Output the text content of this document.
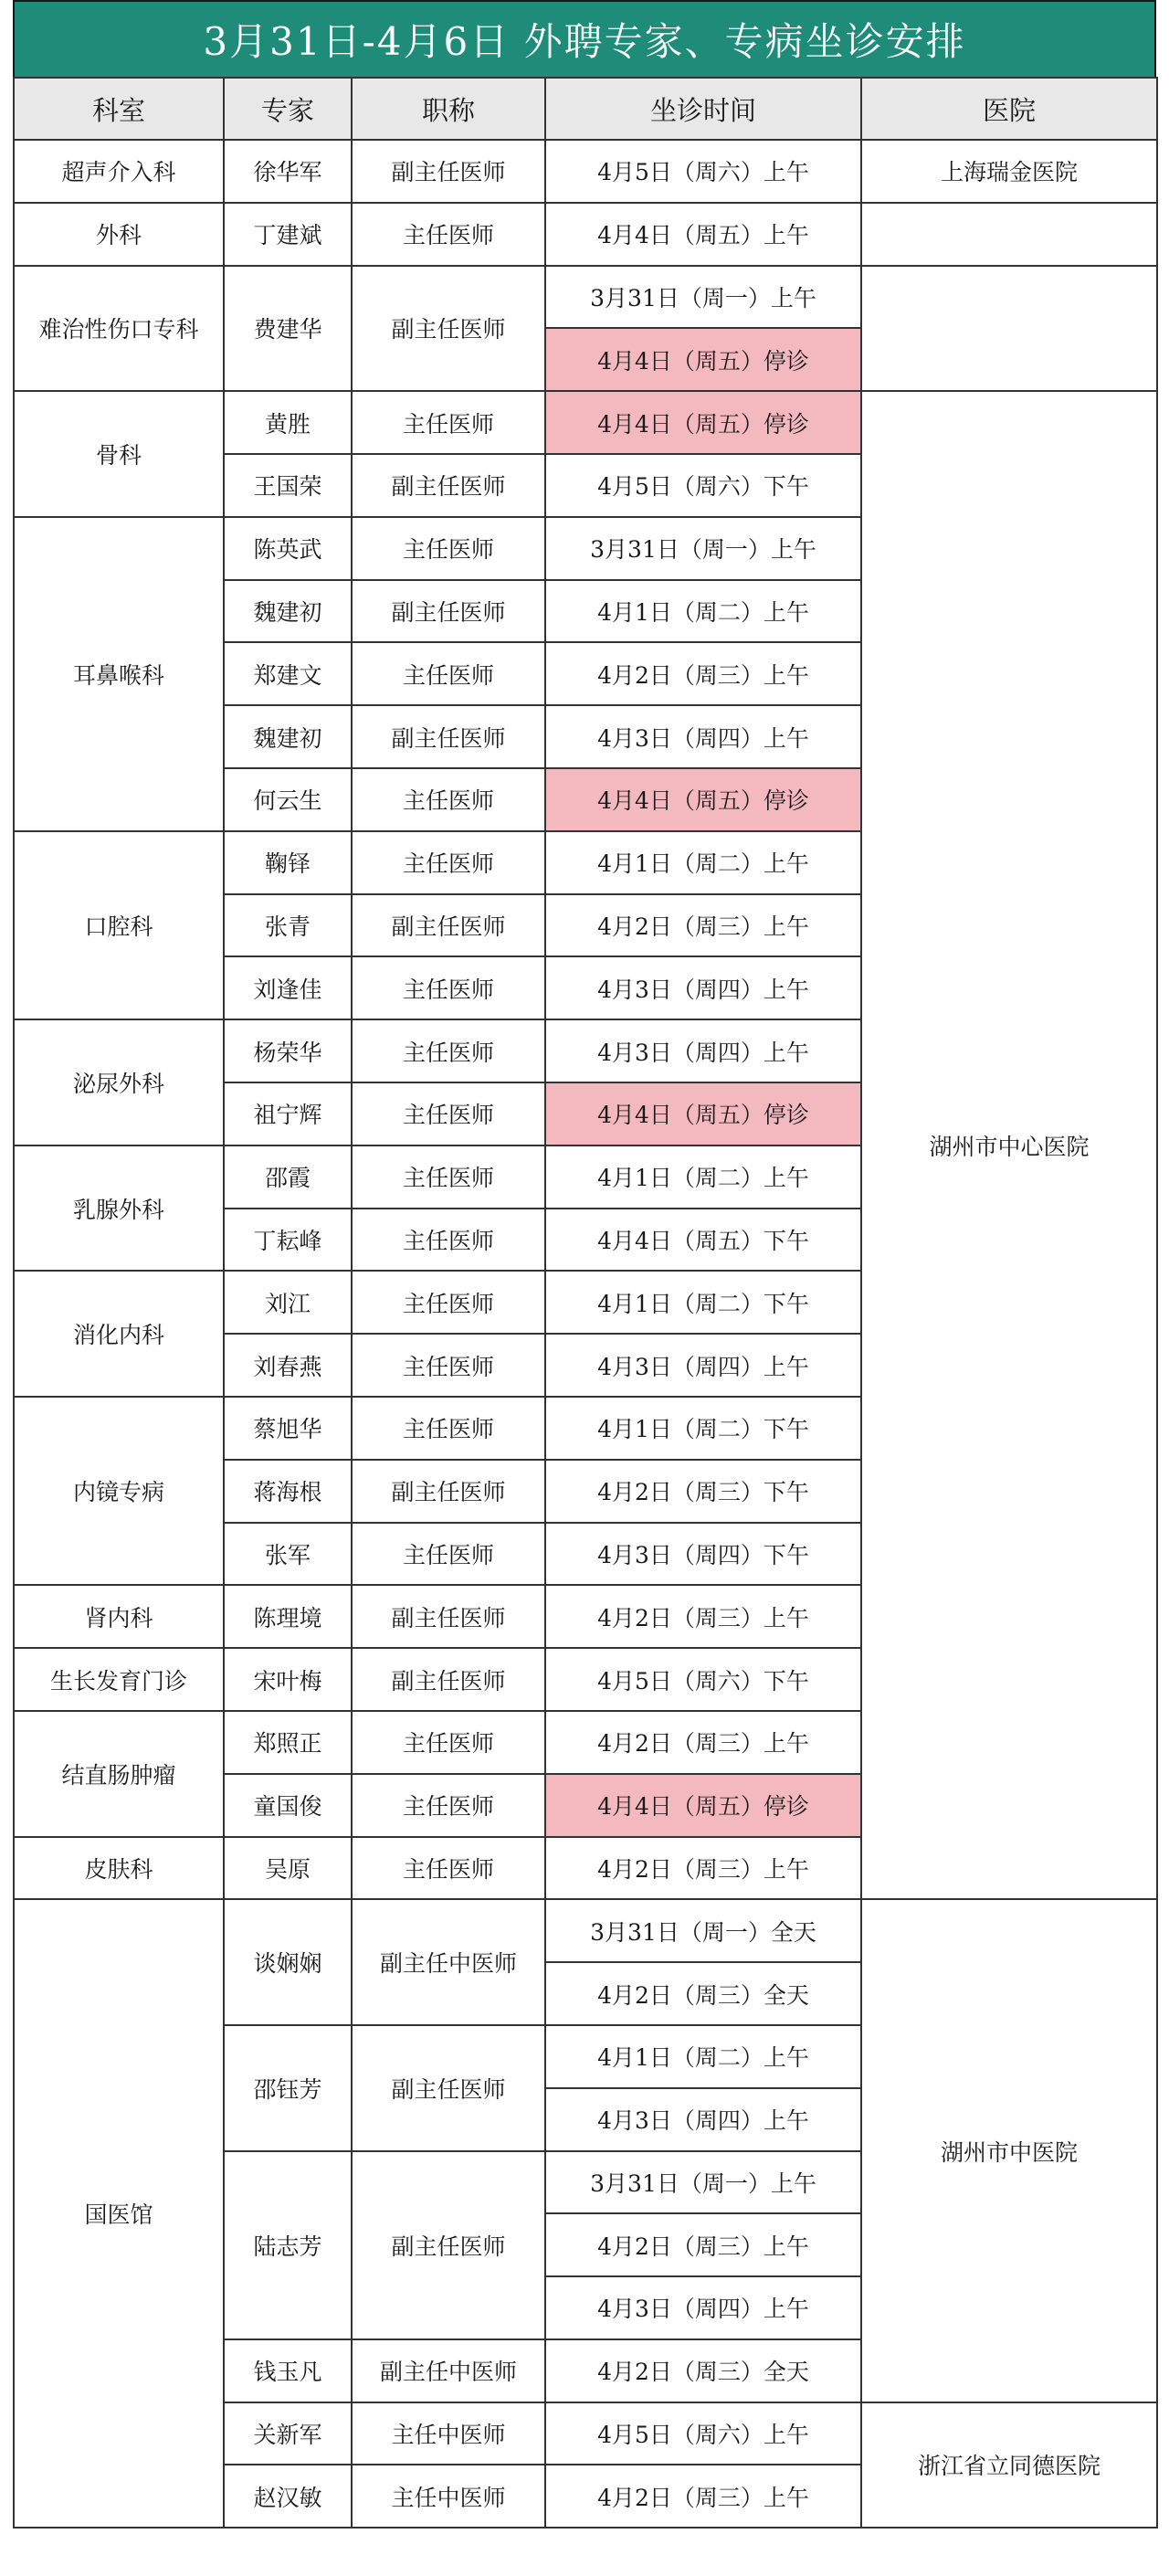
3月31日-4月6日 外聘专家、专病坐诊安排
科室	专家	职称	坐诊时间	医院
超声介入科	徐华军	副主任医师	4月5日（周六）上午	上海瑞金医院
外科	丁建斌	主任医师	4月4日（周五）上午	
难治性伤口专科	费建华	副主任医师	3月31日（周一）上午	
			4月4日（周五）停诊	
骨科	黄胜	主任医师	4月4日（周五）停诊	湖州市中心医院
	王国荣	副主任医师	4月5日（周六）下午	
耳鼻喉科	陈英武	主任医师	3月31日（周一）上午	
	魏建初	副主任医师	4月1日（周二）上午	
	郑建文	主任医师	4月2日（周三）上午	
	魏建初	副主任医师	4月3日（周四）上午	
	何云生	主任医师	4月4日（周五）停诊	
口腔科	鞠铎	主任医师	4月1日（周二）上午	
	张青	副主任医师	4月2日（周三）上午	
	刘逢佳	主任医师	4月3日（周四）上午	
泌尿外科	杨荣华	主任医师	4月3日（周四）上午	
	祖宁辉	主任医师	4月4日（周五）停诊	
乳腺外科	邵霞	主任医师	4月1日（周二）上午	
	丁耘峰	主任医师	4月4日（周五）下午	
消化内科	刘江	主任医师	4月1日（周二）下午	
	刘春燕	主任医师	4月3日（周四）上午	
内镜专病	蔡旭华	主任医师	4月1日（周二）下午	
	蒋海根	副主任医师	4月2日（周三）下午	
	张军	主任医师	4月3日（周四）下午	
肾内科	陈理境	副主任医师	4月2日（周三）上午	
生长发育门诊	宋叶梅	副主任医师	4月5日（周六）下午	
结直肠肿瘤	郑照正	主任医师	4月2日（周三）上午	
	童国俊	主任医师	4月4日（周五）停诊	
皮肤科	吴原	主任医师	4月2日（周三）上午	
国医馆	谈娴娴	副主任中医师	3月31日（周一）全天	湖州市中医院
			4月2日（周三）全天	
	邵钰芳	副主任医师	4月1日（周二）上午	
			4月3日（周四）上午	
	陆志芳	副主任医师	3月31日（周一）上午	
			4月2日（周三）上午	
			4月3日（周四）上午	
	钱玉凡	副主任中医师	4月2日（周三）全天	
	关新军	主任中医师	4月5日（周六）上午	浙江省立同德医院
	赵汉敏	主任中医师	4月2日（周三）上午	
